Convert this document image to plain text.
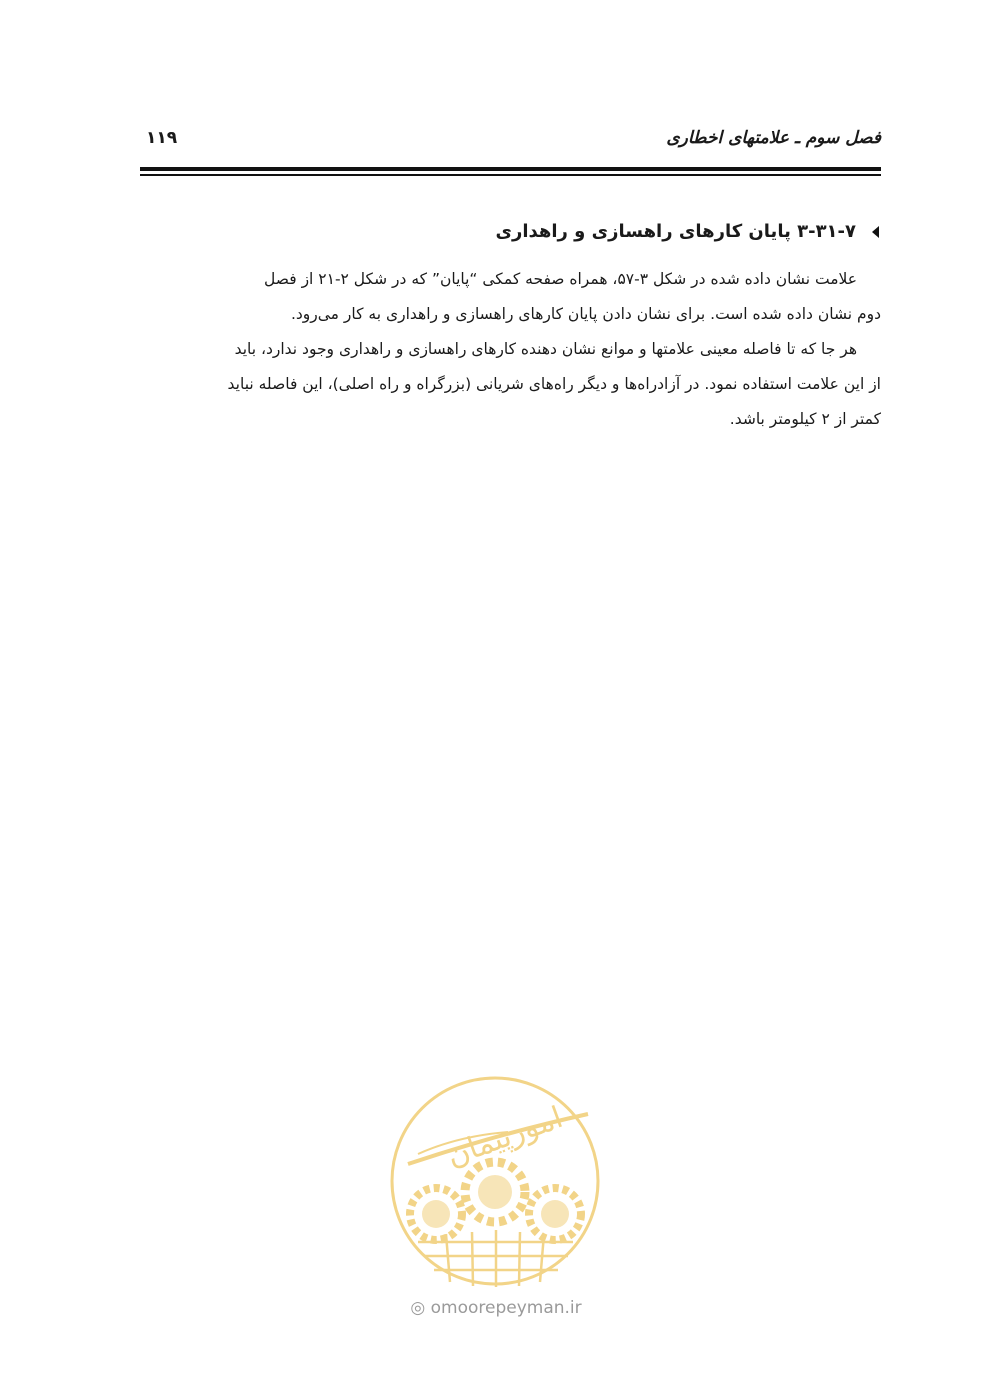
فصل سوم ـ علامتهای اخطاری
۱۱۹
۳-۳۱-۷ پایان کارهای راهسازی و راهداری

علامت نشان داده شده در شکل ۳-۵۷، همراه صفحه کمکی “پایان” که در شکل ۲-۲۱ از فصل

دوم نشان داده شده است. برای نشان دادن پایان کارهای راهسازی و راهداری به کار می‌رود.

هر جا که تا فاصله معینی علامتها و موانع نشان دهنده کارهای راهسازی و راهداری وجود ندارد، باید

از این علامت استفاده نمود. در آزادراه‌ها و دیگر راه‌های شریانی (بزرگراه و راه اصلی)، این فاصله نباید

کمتر از ۲ کیلومتر باشد.

امورپیمان
◎ omoorepeyman.ir
